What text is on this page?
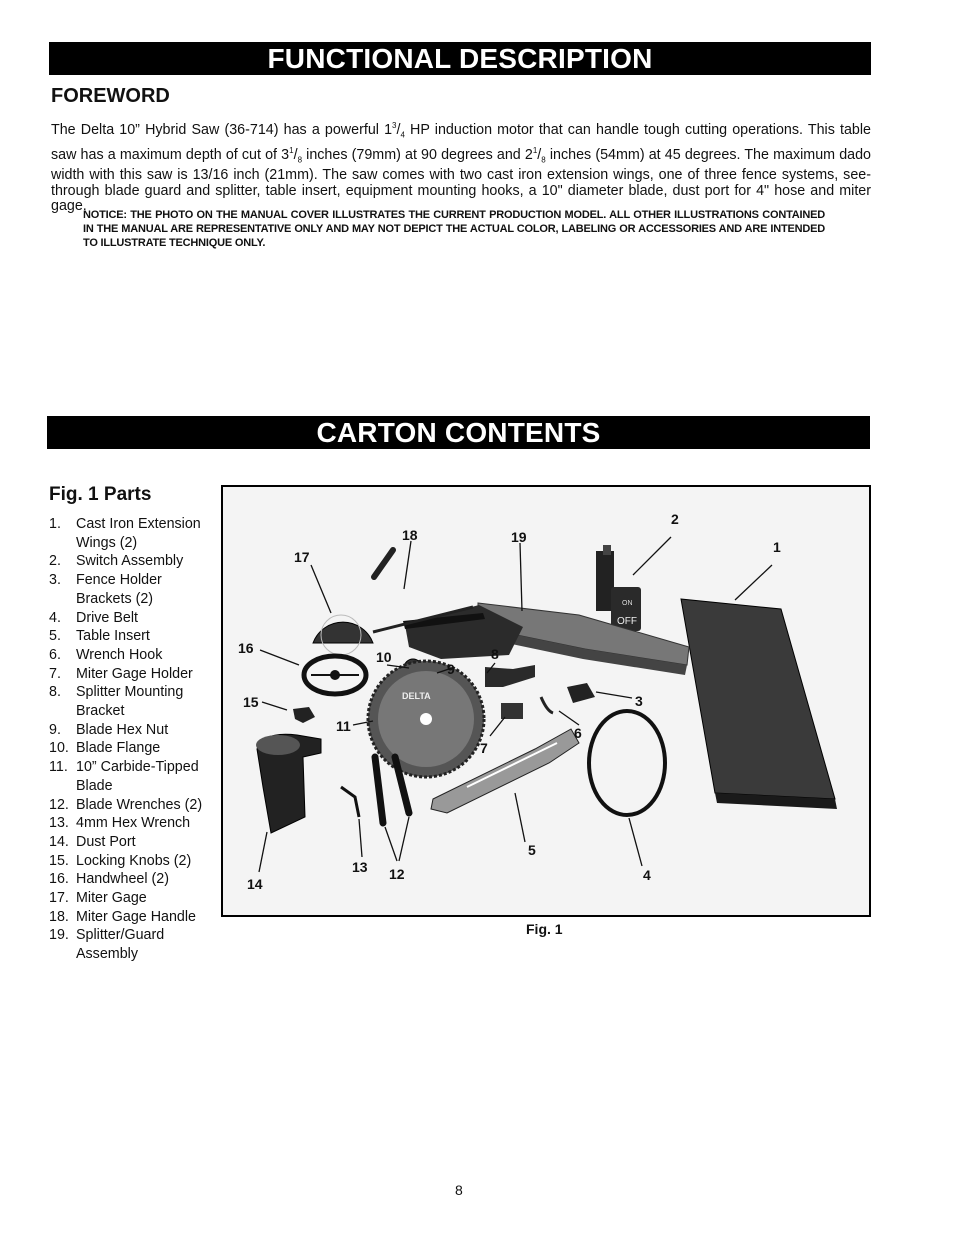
FUNCTIONAL DESCRIPTION
FOREWORD

The Delta 10” Hybrid Saw (36-714) has a powerful $1^3/_4$ HP induction motor that can handle tough cutting operations. This table saw has a maximum depth of cut of $3^1/_8$ inches (79mm) at 90 degrees and $2^1/_8$ inches (54mm) at 45 degrees. The maximum dado width with this saw is 13/16 inch (21mm). The saw comes with two cast iron extension wings, one of three fence systems, see-through blade guard and splitter, table insert, equipment mounting hooks, a 10" diameter blade, dust port for 4" hose and miter gage.

NOTICE: THE PHOTO ON THE MANUAL COVER ILLUSTRATES THE CURRENT PRODUCTION MODEL. ALL OTHER ILLUSTRATIONS CONTAINED IN THE MANUAL ARE REPRESENTATIVE ONLY AND MAY NOT DEPICT THE ACTUAL COLOR, LABELING OR ACCESSORIES AND ARE INTENDED TO ILLUSTRATE TECHNIQUE ONLY.

CARTON CONTENTS
Fig. 1 Parts
1.	Cast Iron Extension Wings (2)
2.	Switch Assembly
3.	Fence Holder Brackets (2)
4.	Drive Belt
5.	Table Insert
6.	Wrench Hook
7.	Miter Gage Holder
8.	Splitter Mounting Bracket
9.	Blade Hex Nut
10. Blade Flange
11. 10” Carbide-Tipped Blade
12. Blade Wrenches (2)
13. 4mm Hex Wrench
14. Dust Port
15. Locking Knobs (2)
16. Handwheel (2)
17. Miter Gage
18. Miter Gage Handle
19. Splitter/Guard Assembly
ON
OFF
DELTA
1
2
3
4
5
6
7
8
9
10
11
12
13
14
15
16
17
18	19
Fig. 1
8
